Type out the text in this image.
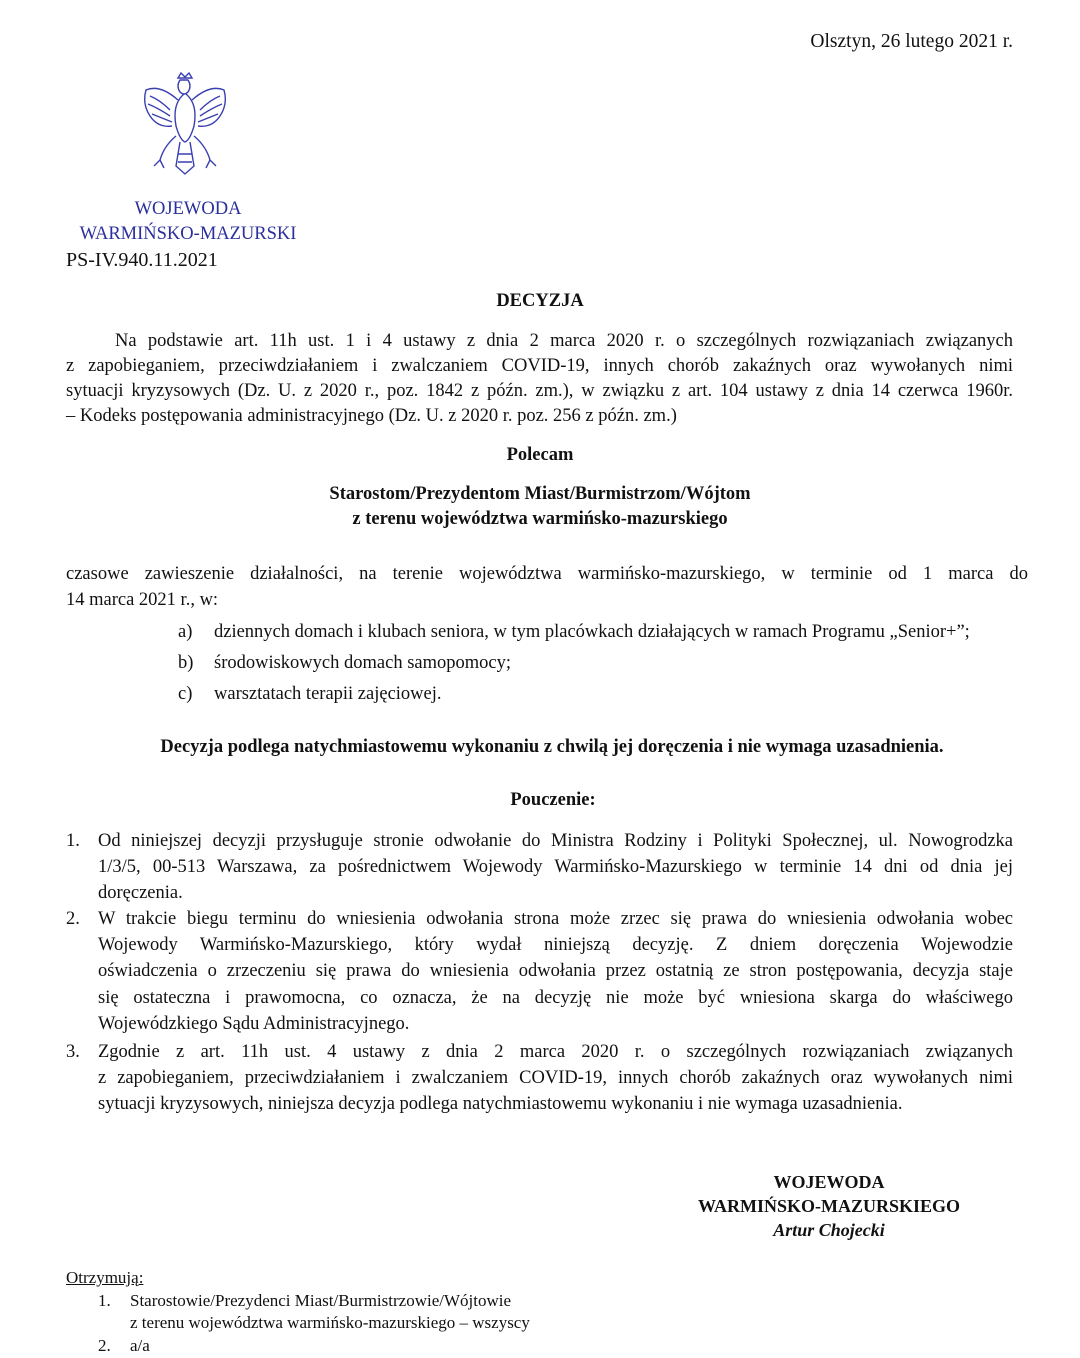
Olsztyn, 26 lutego 2021 r.
WOJEWODA
WARMIŃSKO-MAZURSKI
PS-IV.940.11.2021
DECYZJA
Na podstawie art. 11h ust. 1 i 4 ustawy z dnia 2 marca 2020 r. o szczególnych rozwiązaniach związanych
z zapobieganiem, przeciwdziałaniem i zwalczaniem COVID-19, innych chorób zakaźnych oraz wywołanych nimi
sytuacji kryzysowych (Dz. U. z 2020 r., poz. 1842 z późn. zm.), w związku z art. 104 ustawy z dnia 14 czerwca 1960r.
– Kodeks postępowania administracyjnego (Dz. U. z 2020 r. poz. 256 z późn. zm.)
Polecam
Starostom/Prezydentom Miast/Burmistrzom/Wójtom
z terenu województwa warmińsko-mazurskiego
czasowe zawieszenie działalności, na terenie województwa warmińsko-mazurskiego, w terminie od 1 marca do
14 marca 2021 r., w:
a) dziennych domach i klubach seniora, w tym placówkach działających w ramach Programu „Senior+”;
b) środowiskowych domach samopomocy;
c) warsztatach terapii zajęciowej.
Decyzja podlega natychmiastowemu wykonaniu z chwilą jej doręczenia i nie wymaga uzasadnienia.
Pouczenie:
1. Od niniejszej decyzji przysługuje stronie odwołanie do Ministra Rodziny i Polityki Społecznej, ul. Nowogrodzka
1/3/5, 00-513 Warszawa, za pośrednictwem Wojewody Warmińsko-Mazurskiego w terminie 14 dni od dnia jej
doręczenia.
2. W trakcie biegu terminu do wniesienia odwołania strona może zrzec się prawa do wniesienia odwołania wobec
Wojewody Warmińsko-Mazurskiego, który wydał niniejszą decyzję. Z dniem doręczenia Wojewodzie
oświadczenia o zrzeczeniu się prawa do wniesienia odwołania przez ostatnią ze stron postępowania, decyzja staje
się ostateczna i prawomocna, co oznacza, że na decyzję nie może być wniesiona skarga do właściwego
Wojewódzkiego Sądu Administracyjnego.
3. Zgodnie z art. 11h ust. 4 ustawy z dnia 2 marca 2020 r. o szczególnych rozwiązaniach związanych
z zapobieganiem, przeciwdziałaniem i zwalczaniem COVID-19, innych chorób zakaźnych oraz wywołanych nimi
sytuacji kryzysowych, niniejsza decyzja podlega natychmiastowemu wykonaniu i nie wymaga uzasadnienia.
WOJEWODA
WARMIŃSKO-MAZURSKIEGO
Artur Chojecki
Otrzymują:
1. Starostowie/Prezydenci Miast/Burmistrzowie/Wójtowie
z terenu województwa warmińsko-mazurskiego – wszyscy
2. a/a
